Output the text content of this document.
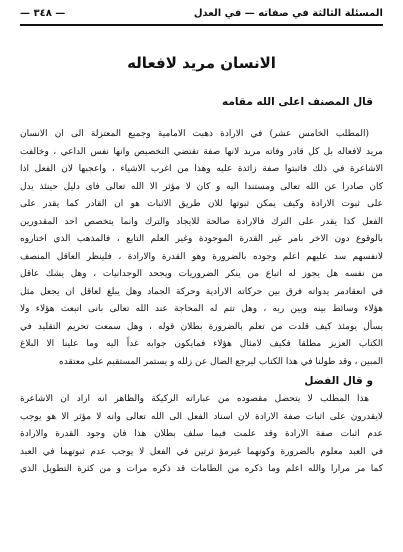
المسئلة الثالثة في صفاته — في العدل
— ٣٤٨ —
الانسان مريد لافعاله
قال المصنف اعلى الله مقامه
(المطلب الخامس عشر) في الارادة ذهبت الامامية وجميع المعتزلة الى ان الانسان
مريد لافعاله بل كل قادر وفاته مريد لانها صفة تقتضي التخصيص وانها نفس الداعي ، وخالفت
الاشاعرة في ذلك فاثبتوا صفة زائدة عليه وهذا من اغرب الاشياء ، واعجبها لان الفعل اذا
كان صادرا عن الله تعالى ومستندا اليه و كان لا مؤثر الا الله تعالى فاى دليل حينئذ يدل
على ثبوت الارادة وكيف يمكن ثبوتها للان طريق الاثبات هو ان القادر كما يقدر على
الفعل كذا يقدر على الترك فالارادة صالحة للايجاد والترك وانما يتخصص احد المقدورين
بالوقوع دون الاخر بامر غير القدرة الموجودة وغير العلم التابع ، فالمذهب الذي اختاروه
لانفسهم سد عليهم اعلم وجوده بالضرورة وهو القدرة والارادة ، فلينظر العاقل المنصف
من نفسه هل يجوز له اتباع من ينكر الضروريات ويجحد الوجدانيات ، وهل يشك عاقل
في انعقادمر يدواته فرق بين حركاته الارادية وحركة الجماد وهل يبلغ لعاقل ان يجعل مثل
هؤلاء وسائط بينه وبين ربه ، وهل تتم له المحاجة عند الله تعالى بانى اتبعت هؤلاء ولا
يسأل يومئذ كيف قلدت من تعلم بالضرورة بطلان قوله ، وهل سمعت تحريم التقليد في
الكتاب العزيز مطلقا فكيف لامثال هؤلاء فمايكون جوابه غداً اليه وما علينا الا البلاغ
المبين ، وقد طولنا في هذا الكتاب ليرجع الضال عن زلله و يستمر المستقيم على معتقده
و قال الفضل
هذا المطلب لا يتحصل مقصوده من عباراته الركيكة والظاهر انه اراد ان الاشاعرة
لايقدرون على اثبات صفة الارادة لان اسناد الفعل الى الله تعالى وانه لا مؤثر الا هو يوجب
عدم اثبات صفة الارادة وقد علمت فيما سلف بطلان هذا فان وجود القدرة والارادة
في العبد معلوم بالضرورة وكونهما غيرمؤ ثرتين في الفعل لا يوجب عدم ثبوتهما في العبد
كما مر مرارا والله اعلم وما ذكره من الطامات قد ذكره مرات و من كثرة التطويل الذي
